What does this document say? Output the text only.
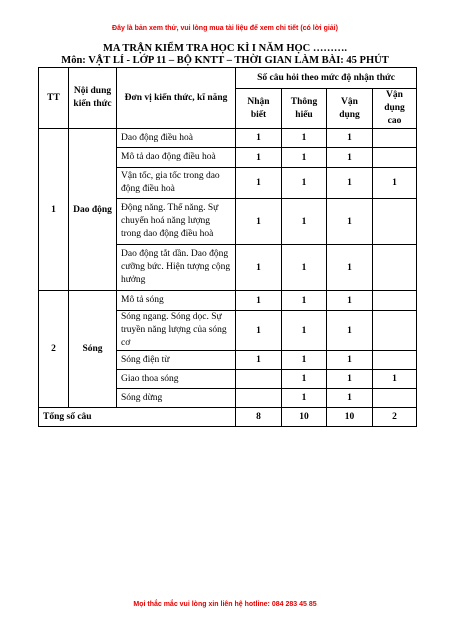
Đây là bản xem thử, vui lòng mua tài liệu để xem chi tiết (có lời giải)
MA TRẬN KIỂM TRA HỌC KÌ I NĂM HỌC ……….
Môn: VẬT LÍ - LỚP 11 – BỘ KNTT – THỜI GIAN LÀM BÀI: 45 PHÚT
TT	Nội dung kiến thức	Đơn vị kiến thức, kĩ năng	Số câu hỏi theo mức độ nhận thức			
			Nhận biết	Thông hiểu	Vận dụng	Vận dụng cao
1	Dao động	Dao động điều hoà	1	1	1	
		Mô tả dao động điều hoà	1	1	1	
		Vận tốc, gia tốc trong dao động điều hoà	1	1	1	1
		Động năng. Thế năng. Sự chuyển hoá năng lượng trong dao động điều hoà	1	1	1	
		Dao động tắt dần. Dao động cưỡng bức. Hiện tượng cộng hưởng	1	1	1	
2	Sóng	Mô tả sóng	1	1	1	
		Sóng ngang. Sóng dọc. Sự truyền năng lượng của sóng cơ	1	1	1	
		Sóng điện từ	1	1	1	
		Giao thoa sóng		1	1	1
		Sóng dừng		1	1	
Tổng số câu			8	10	10	2
Mọi thắc mắc vui lòng xin liên hệ hotline: 084 283 45 85
